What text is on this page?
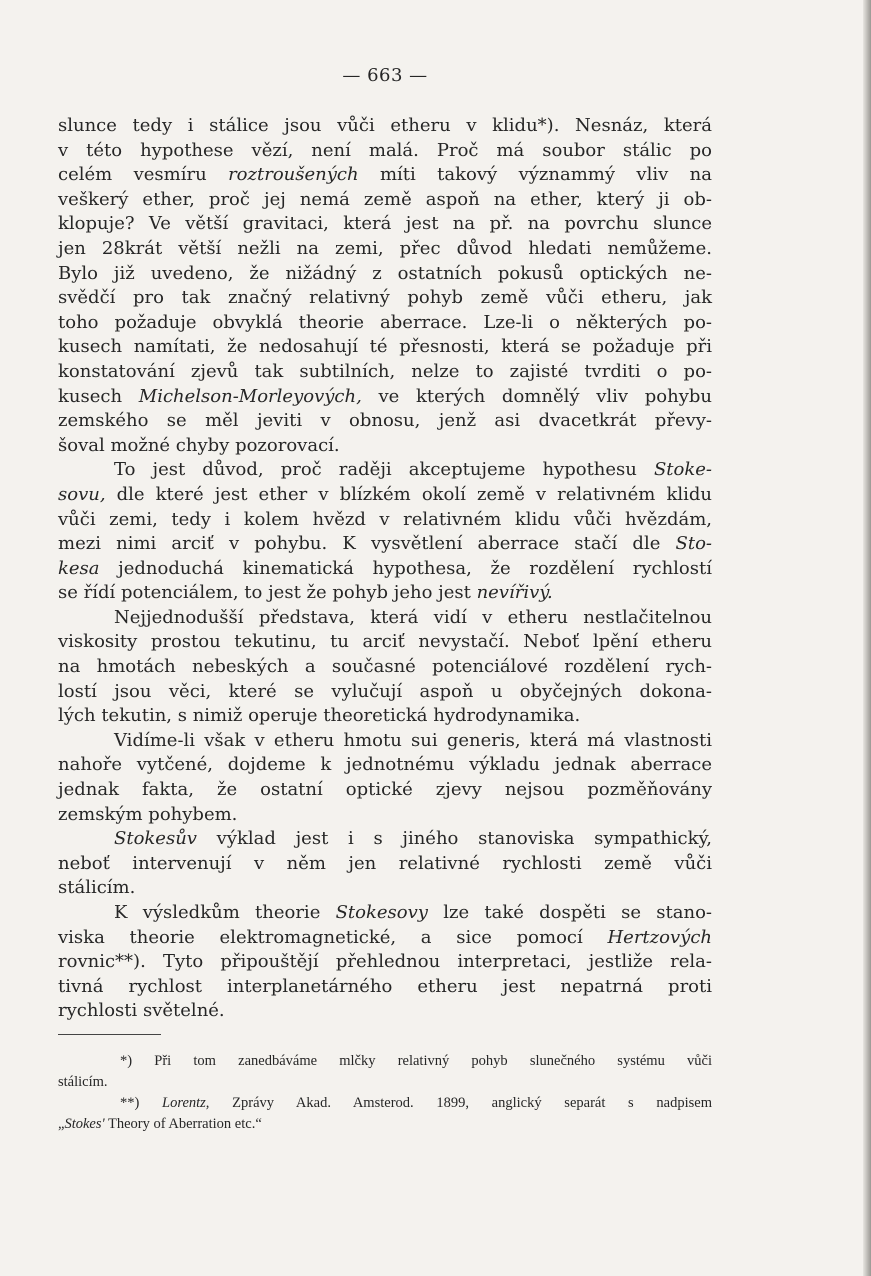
— 663 —
slunce tedy i stálice jsou vůči etheru v klidu*). Nesnáz, která
v této hypothese vězí, není malá. Proč má soubor stálic po
celém vesmíru roztroušených míti takový význammý vliv na
veškerý ether, proč jej nemá země aspoň na ether, který ji ob-
klopuje? Ve větší gravitaci, která jest na př. na povrchu slunce
jen 28krát větší nežli na zemi, přec důvod hledati nemůžeme.
Bylo již uvedeno, že nižádný z ostatních pokusů optických ne-
svědčí pro tak značný relativný pohyb země vůči etheru, jak
toho požaduje obvyklá theorie aberrace. Lze-li o některých po-
kusech namítati, že nedosahují té přesnosti, která se požaduje při
konstatování zjevů tak subtilních, nelze to zajisté tvrditi o po-
kusech Michelson-Morleyových, ve kterých domnělý vliv pohybu
zemského se měl jeviti v obnosu, jenž asi dvacetkrát převy-
šoval možné chyby pozorovací.
To jest důvod, proč raději akceptujeme hypothesu Stoke-
sovu, dle které jest ether v blízkém okolí země v relativném klidu
vůči zemi, tedy i kolem hvězd v relativném klidu vůči hvězdám,
mezi nimi arciť v pohybu. K vysvětlení aberrace stačí dle Sto-
kesa jednoduchá kinematická hypothesa, že rozdělení rychlostí
se řídí potenciálem, to jest že pohyb jeho jest nevířivý.
Nejjednodušší představa, která vidí v etheru nestlačitelnou
viskosity prostou tekutinu, tu arciť nevystačí. Neboť lpění etheru
na hmotách nebeských a současné potenciálové rozdělení rych-
lostí jsou věci, které se vylučují aspoň u obyčejných dokona-
lých tekutin, s nimiž operuje theoretická hydrodynamika.
Vidíme-li však v etheru hmotu sui generis, která má vlastnosti
nahoře vytčené, dojdeme k jednotnému výkladu jednak aberrace
jednak fakta, že ostatní optické zjevy nejsou pozměňovány
zemským pohybem.
Stokesův výklad jest i s jiného stanoviska sympathický,
neboť intervenují v něm jen relativné rychlosti země vůči
stálicím.
K výsledkům theorie Stokesovy lze také dospěti se stano-
viska theorie elektromagnetické, a sice pomocí Hertzových
rovnic**). Tyto připouštějí přehlednou interpretaci, jestliže rela-
tivná rychlost interplanetárného etheru jest nepatrná proti
rychlosti světelné.
*) Při tom zanedbáváme mlčky relativný pohyb slunečného systému vůči
stálicím.
**) Lorentz, Zprávy Akad. Amsterod. 1899, anglický separát s nadpisem
„Stokes' Theory of Aberration etc.“
